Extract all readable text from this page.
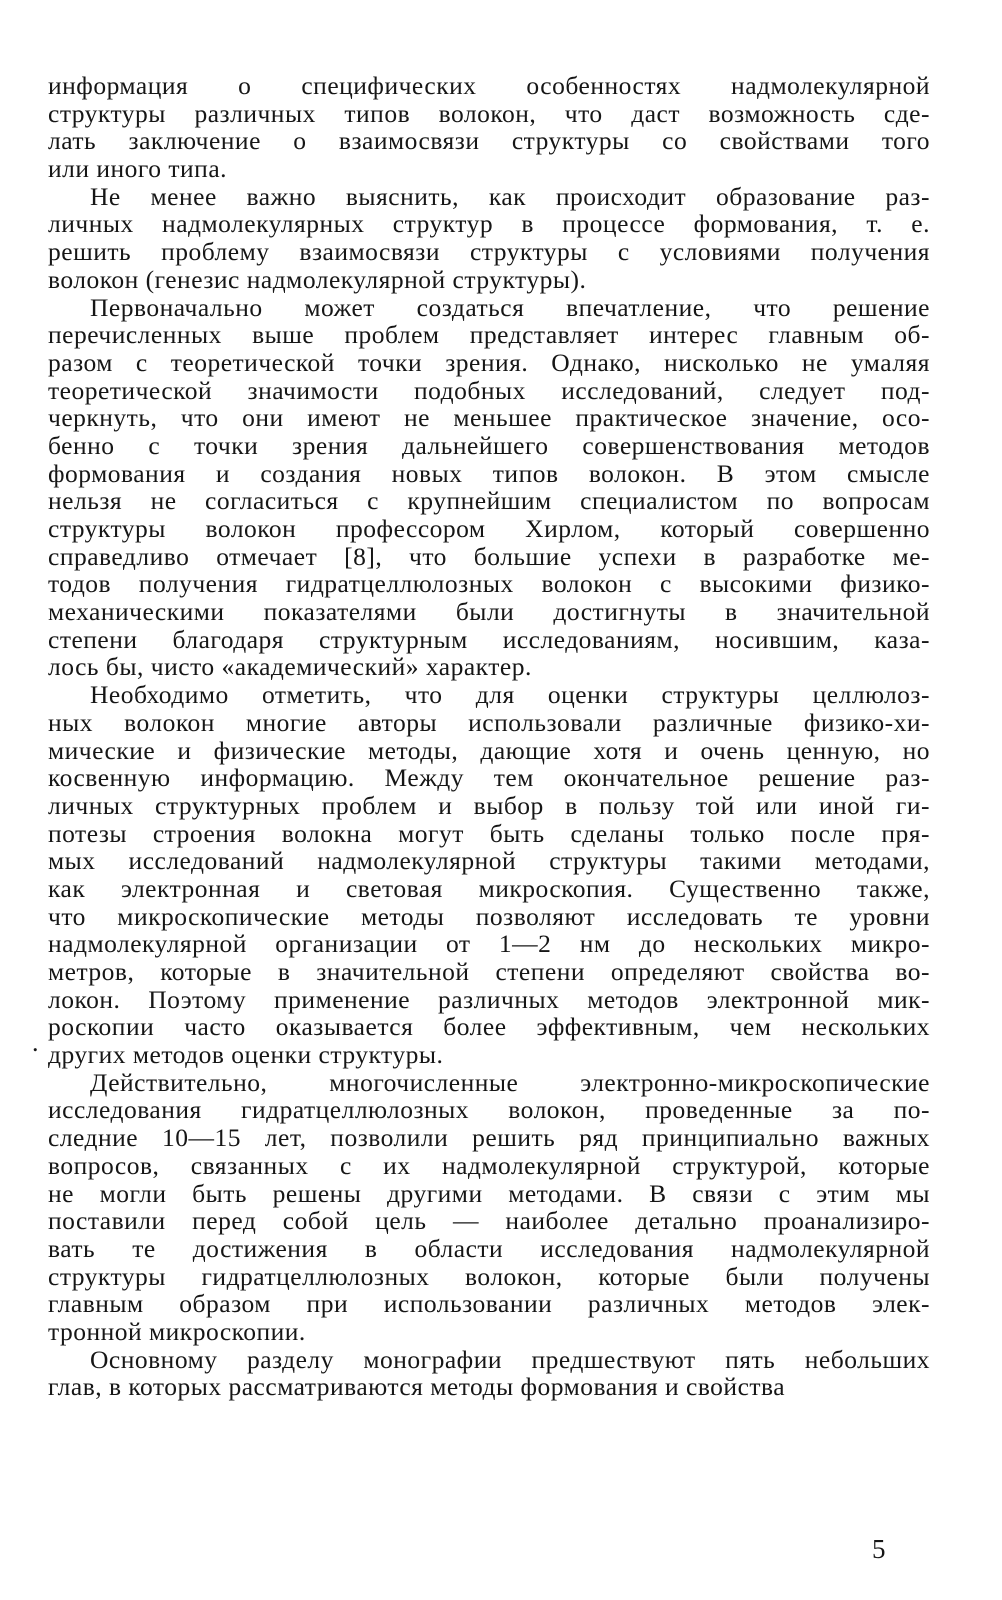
информация о специфических особенностях надмолекулярной
структуры различных типов волокон, что даст возможность сде-
лать заключение о взаимосвязи структуры со свойствами того
или иного типа.
Не менее важно выяснить, как происходит образование раз-
личных надмолекулярных структур в процессе формования, т. е.
решить проблему взаимосвязи структуры с условиями получения
волокон (генезис надмолекулярной структуры).
Первоначально может создаться впечатление, что решение
перечисленных выше проблем представляет интерес главным об-
разом с теоретической точки зрения. Однако, нисколько не умаляя
теоретической значимости подобных исследований, следует под-
черкнуть, что они имеют не меньшее практическое значение, осо-
бенно с точки зрения дальнейшего совершенствования методов
формования и создания новых типов волокон. В этом смысле
нельзя не согласиться с крупнейшим специалистом по вопросам
структуры волокон профессором Хирлом, который совершенно
справедливо отмечает [8], что большие успехи в разработке ме-
тодов получения гидратцеллюлозных волокон с высокими физико-
механическими показателями были достигнуты в значительной
степени благодаря структурным исследованиям, носившим, каза-
лось бы, чисто «академический» характер.
Необходимо отметить, что для оценки структуры целлюлоз-
ных волокон многие авторы использовали различные физико-хи-
мические и физические методы, дающие хотя и очень ценную, но
косвенную информацию. Между тем окончательное решение раз-
личных структурных проблем и выбор в пользу той или иной ги-
потезы строения волокна могут быть сделаны только после пря-
мых исследований надмолекулярной структуры такими методами,
как электронная и световая микроскопия. Существенно также,
что микроскопические методы позволяют исследовать те уровни
надмолекулярной организации от 1—2 нм до нескольких микро-
метров, которые в значительной степени определяют свойства во-
локон. Поэтому применение различных методов электронной мик-
роскопии часто оказывается более эффективным, чем нескольких
других методов оценки структуры.
Действительно, многочисленные электронно-микроскопические
исследования гидратцеллюлозных волокон, проведенные за по-
следние 10—15 лет, позволили решить ряд принципиально важных
вопросов, связанных с их надмолекулярной структурой, которые
не могли быть решены другими методами. В связи с этим мы
поставили перед собой цель — наиболее детально проанализиро-
вать те достижения в области исследования надмолекулярной
структуры гидратцеллюлозных волокон, которые были получены
главным образом при использовании различных методов элек-
тронной микроскопии.
Основному разделу монографии предшествуют пять небольших
глав, в которых рассматриваются методы формования и свойства
.
5
